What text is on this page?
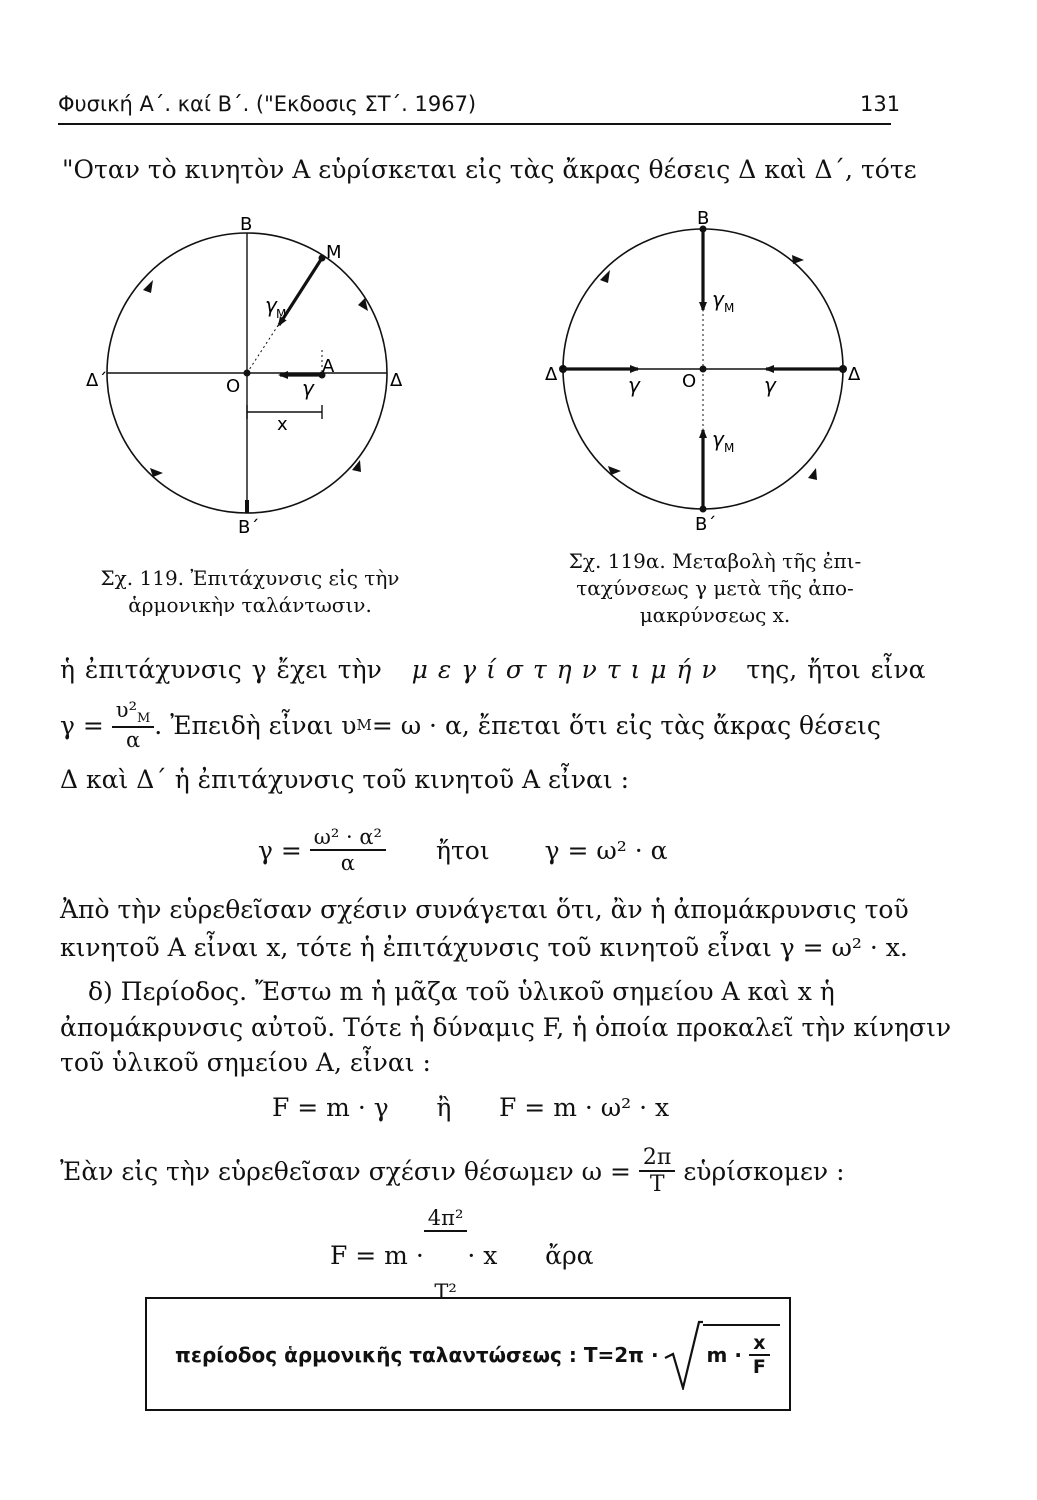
Φυσική Α΄. καί Β΄. ("Εκδοσις ΣΤ΄. 1967)	131
"Οταν τὸ κινητὸν Α εὑρίσκεται εἰς τὰς ἄκρας θέσεις Δ καὶ Δ΄, τότε
Β
Μ
Δ΄	Δ
Ο
Α
γ
γ Μ
x
Β΄
Β
Δ΄	Δ
Ο
γ	γ
γ Μ
γ Μ
Β΄
Σχ. 119. Ἐπιτάχυνσις εἰς τὴν
ἁρμονικὴν ταλάντωσιν.
Σχ. 119α. Μεταβολὴ τῆς ἐπι-
ταχύνσεως γ μετὰ τῆς ἀπο-
μακρύνσεως x.
ἡ ἐπιτάχυνσις γ ἔχει τὴν μ ε γ ί σ τ η ν τ ι μ ή ν της, ἤτοι εἶνα
γ =
$\frac{\upsilon^2_M}{\alpha}$ . Ἐπειδὴ εἶναι υ Μ = ω · α, ἔπεται ὅτι εἰς τὰς ἄκρας θέσεις
Δ καὶ Δ΄ ἡ ἐπιτάχυνσις τοῦ κινητοῦ Α εἶναι :
γ =
$\frac{\text{ω² · α²}}{\alpha}$ ἤτοι γ = ω² · α
Ἀπὸ τὴν εὑρεθεῖσαν σχέσιν συνάγεται ὅτι, ἂν ἡ ἀπομάκρυνσις τοῦ
κινητοῦ Α εἶναι x, τότε ἡ ἐπιτάχυνσις τοῦ κινητοῦ εἶναι γ = ω² · x.
δ) Περίοδος. Ἔστω m ἡ μᾶζα τοῦ ὑλικοῦ σημείου Α καὶ x ἡ
ἀπομάκρυνσις αὐτοῦ. Τότε ἡ δύναμις F, ἡ ὁποία προκαλεῖ τὴν κίνησιν
τοῦ ὑλικοῦ σημείου Α, εἶναι :
F = m · γ      ἢ      F = m · ω² · x
Ἐὰν εἰς τὴν εὑρεθεῖσαν σχέσιν θέσωμεν ω =
$\frac{2\pi}{T}$
εὑρίσκομεν :
F = m ·

$\frac{\text{4π²}}{\text{T²}}$

· x      ἄρα
περίοδος ἁρμονικῆς ταλαντώσεως :
T=2π · m ·
$\frac{x}{F}$
